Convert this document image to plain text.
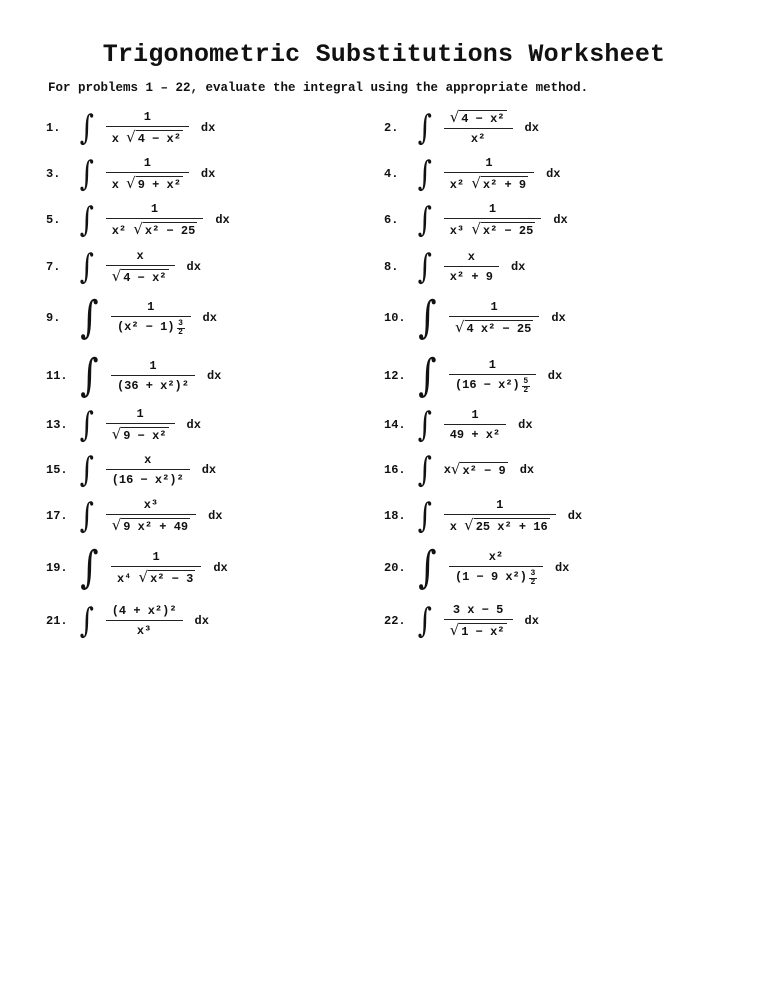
Trigonometric Substitutions Worksheet
For problems 1 – 22, evaluate the integral using the appropriate method.
1. ∫ $\frac{1}{\text{x √ 4 − x²}}$ dx	2. ∫ $\frac{\text{√ 4 − x²}}{\text{x²}}$ dx
3. ∫ $\frac{1}{\text{x √ 9 + x²}}$ dx	4. ∫ $\frac{1}{\text{x² √ x² + 9}}$ dx
5. ∫ $\frac{1}{\text{x² √ x² − 25}}$ dx	6. ∫ $\frac{1}{\text{x³ √ x² − 25}}$ dx
7. ∫ $\frac{x}{\text{√ 4 − x²}}$ dx	8. ∫ $\frac{x}{\text{x² + 9}}$ dx
9. ∫ $\frac{1}{(x^2 - 1) \frac{3}{2}}$ dx	10. ∫ $\frac{1}{\text{√ 4 x² − 25}}$ dx
11. ∫ $\frac{1}{\text{(36 + x²)²}}$ dx	12. ∫ $\frac{1}{(16 - x^2) \frac{5}{2}}$ dx
13. ∫ $\frac{1}{\text{√ 9 − x²}}$ dx	14. ∫ $\frac{1}{\text{49 + x²}}$ dx
15. ∫ $\frac{x}{\text{(16 − x²)²}}$ dx	16. ∫ x √ x² − 9 dx
17. ∫ $\frac{\text{x³}}{\text{√ 9 x² + 49}}$ dx	18. ∫ $\frac{1}{\text{x √ 25 x² + 16}}$ dx
19. ∫ $\frac{1}{\text{x⁴ √ x² − 3}}$ dx	20. ∫ $\frac{\text{x²}}{(1 - 9 x^2) \frac{3}{2}}$ dx
21. ∫ $\frac{\text{(4 + x²)²}}{\text{x³}}$ dx	22. ∫ $\frac{3 x - 5}{\text{√ 1 − x²}}$ dx
